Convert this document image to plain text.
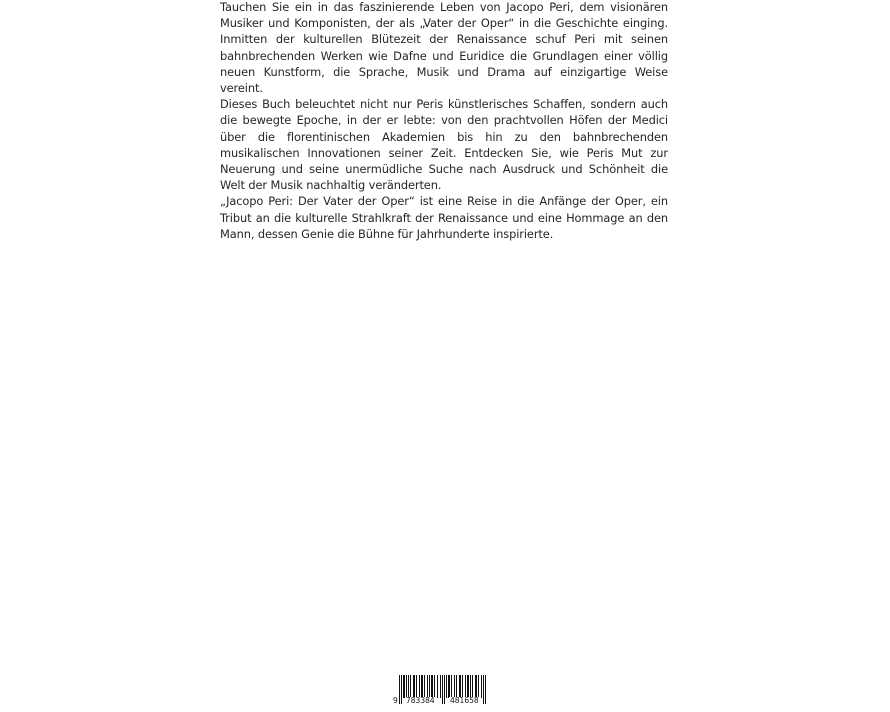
Tauchen Sie ein in das faszinierende Leben von Jacopo Peri, dem visionären Musiker und Komponisten, der als „Vater der Oper“ in die Geschichte einging. Inmitten der kulturellen Blütezeit der Renaissance schuf Peri mit seinen bahnbrechenden Werken wie Dafne und Euridice die Grundlagen einer völlig neuen Kunstform, die Sprache, Musik und Drama auf einzigartige Weise vereint.

Dieses Buch beleuchtet nicht nur Peris künstlerisches Schaffen, sondern auch die bewegte Epoche, in der er lebte: von den prachtvollen Höfen der Medici über die florentinischen Akademien bis hin zu den bahnbrechenden musikalischen Innovationen seiner Zeit. Entdecken Sie, wie Peris Mut zur Neuerung und seine unermüdliche Suche nach Ausdruck und Schönheit die Welt der Musik nachhaltig veränderten.

„Jacopo Peri: Der Vater der Oper“ ist eine Reise in die Anfänge der Oper, ein Tribut an die kulturelle Strahlkraft der Renaissance und eine Hommage an den Mann, dessen Genie die Bühne für Jahrhunderte inspirierte.

9 783384 481658
